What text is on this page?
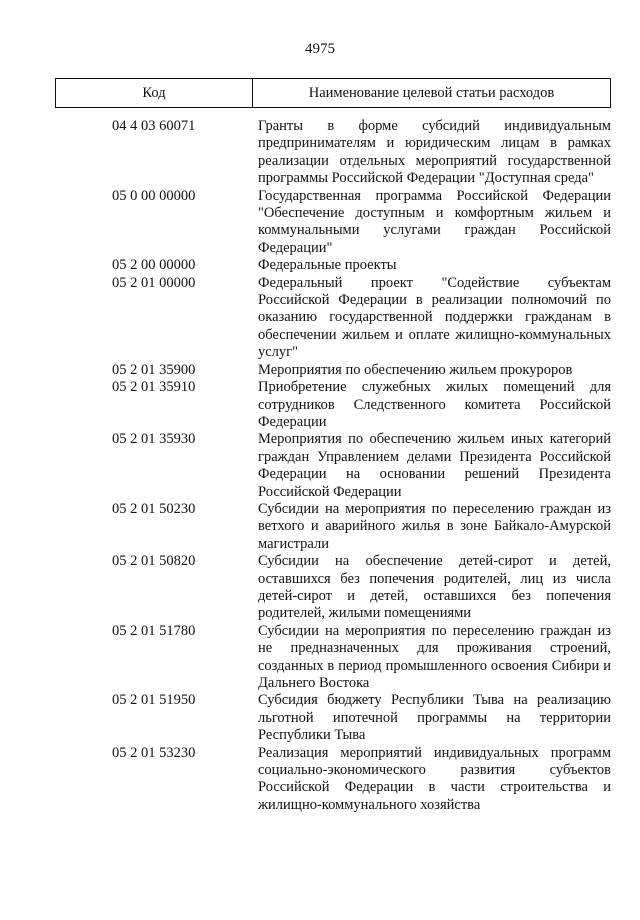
4975
Код	Наименование целевой статьи расходов
04 4 03 60071	Гранты в форме субсидий индивидуальным предпринимателям и юридическим лицам в рамках реализации отдельных мероприятий государственной программы Российской Федерации "Доступная среда"
05 0 00 00000	Государственная программа Российской Федерации "Обеспечение доступным и комфортным жильем и коммунальными услугами граждан Российской Федерации"
05 2 00 00000	Федеральные проекты
05 2 01 00000	Федеральный проект "Содействие субъектам Российской Федерации в реализации полномочий по оказанию государственной поддержки гражданам в обеспечении жильем и оплате жилищно-коммунальных услуг"
05 2 01 35900	Мероприятия по обеспечению жильем прокуроров
05 2 01 35910	Приобретение служебных жилых помещений для сотрудников Следственного комитета Российской Федерации
05 2 01 35930	Мероприятия по обеспечению жильем иных категорий граждан Управлением делами Президента Российской Федерации на основании решений Президента Российской Федерации
05 2 01 50230	Субсидии на мероприятия по переселению граждан из ветхого и аварийного жилья в зоне Байкало-Амурской магистрали
05 2 01 50820	Субсидии на обеспечение детей-сирот и детей, оставшихся без попечения родителей, лиц из числа детей-сирот и детей, оставшихся без попечения родителей, жилыми помещениями
05 2 01 51780	Субсидии на мероприятия по переселению граждан из не предназначенных для проживания строений, созданных в период промышленного освоения Сибири и Дальнего Востока
05 2 01 51950	Субсидия бюджету Республики Тыва на реализацию льготной ипотечной программы на территории Республики Тыва
05 2 01 53230	Реализация мероприятий индивидуальных программ социально-экономического развития субъектов Российской Федерации в части строительства и жилищно-коммунального хозяйства
